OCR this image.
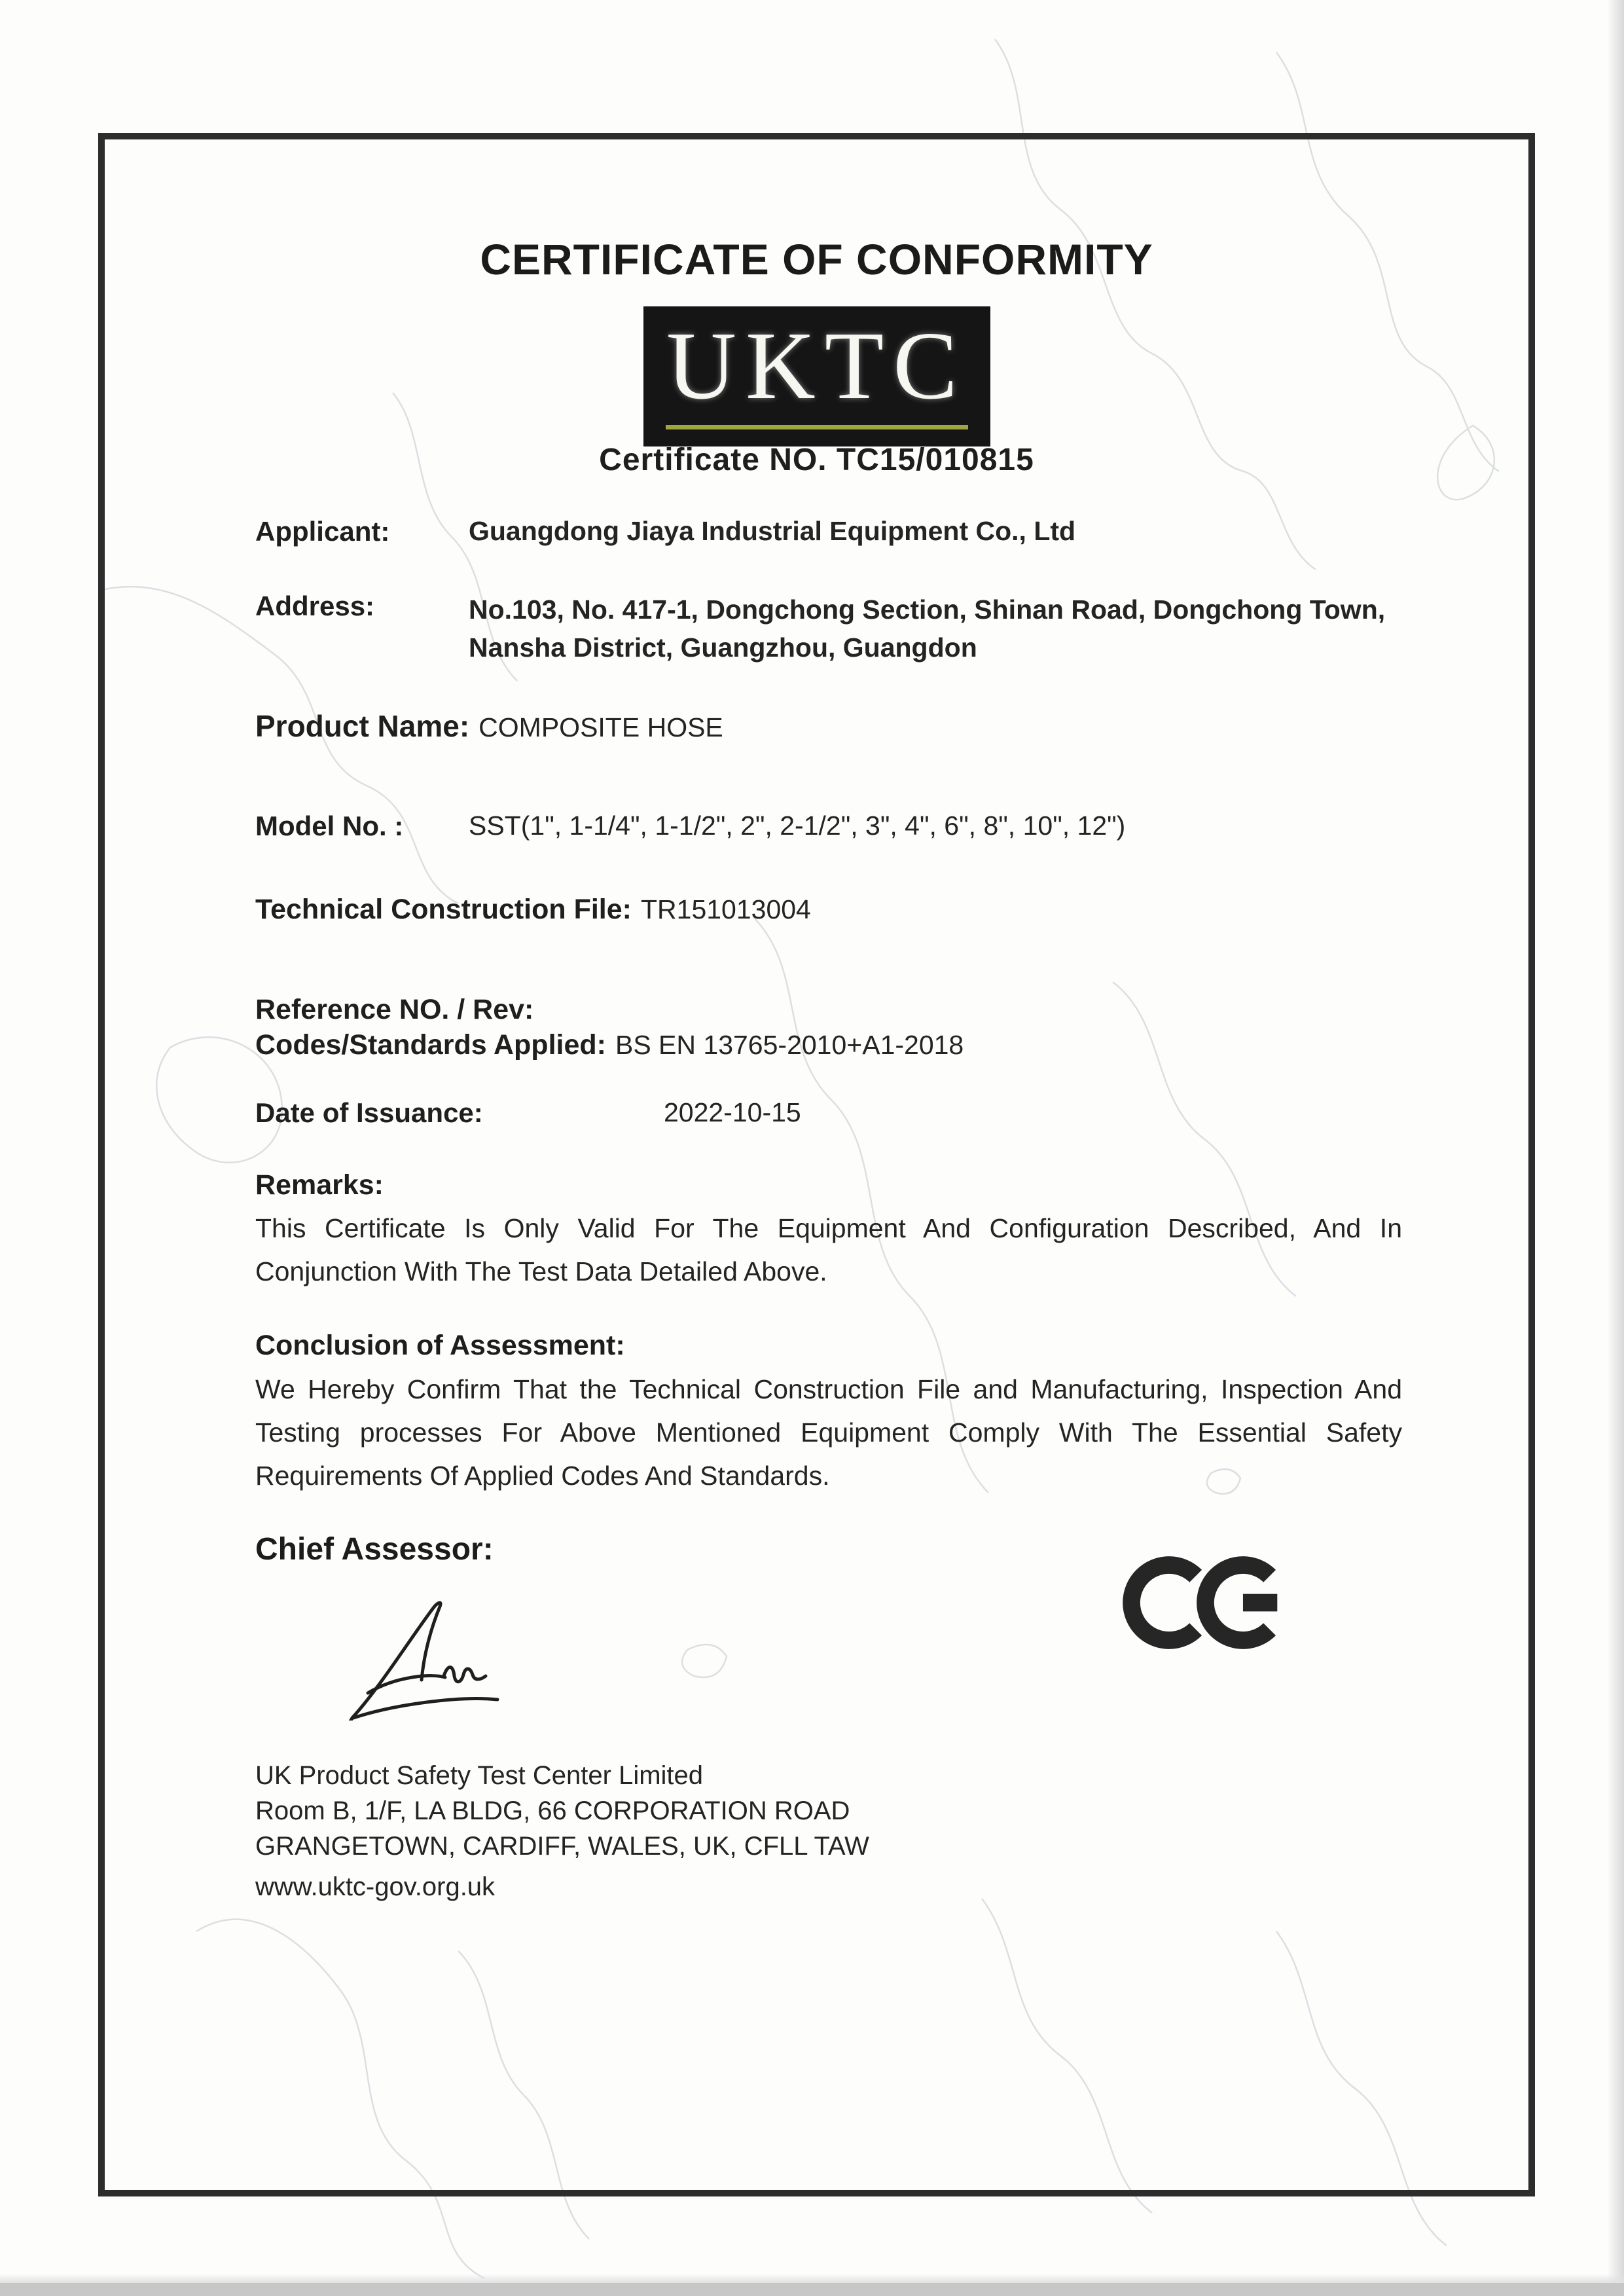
CERTIFICATE OF CONFORMITY
UKTC
Certificate NO. TC15/010815
Applicant:	Guangdong Jiaya Industrial Equipment Co., Ltd
Address:	No.103, No. 417-1, Dongchong Section, Shinan Road, Dongchong Town, Nansha District, Guangzhou, Guangdon
Product Name: COMPOSITE HOSE
Model No. :	SST(1", 1-1/4", 1-1/2", 2", 2-1/2", 3", 4", 6", 8", 10", 12")
Technical Construction File: TR151013004
Reference NO. / Rev:
Codes/Standards Applied: BS EN 13765-2010+A1-2018
Date of Issuance:	2022-10-15
Remarks:

This Certificate Is Only Valid For The Equipment And Configuration Described, And In Conjunction With The Test Data Detailed Above.

Conclusion of Assessment:

We Hereby Confirm That the Technical Construction File and Manufacturing, Inspection And Testing processes For Above Mentioned Equipment Comply With The Essential Safety Requirements Of Applied Codes And Standards.

Chief Assessor:
UK Product Safety Test Center Limited
Room B, 1/F, LA BLDG, 66 CORPORATION ROAD
GRANGETOWN, CARDIFF, WALES, UK, CFLL TAW
www.uktc-gov.org.uk
